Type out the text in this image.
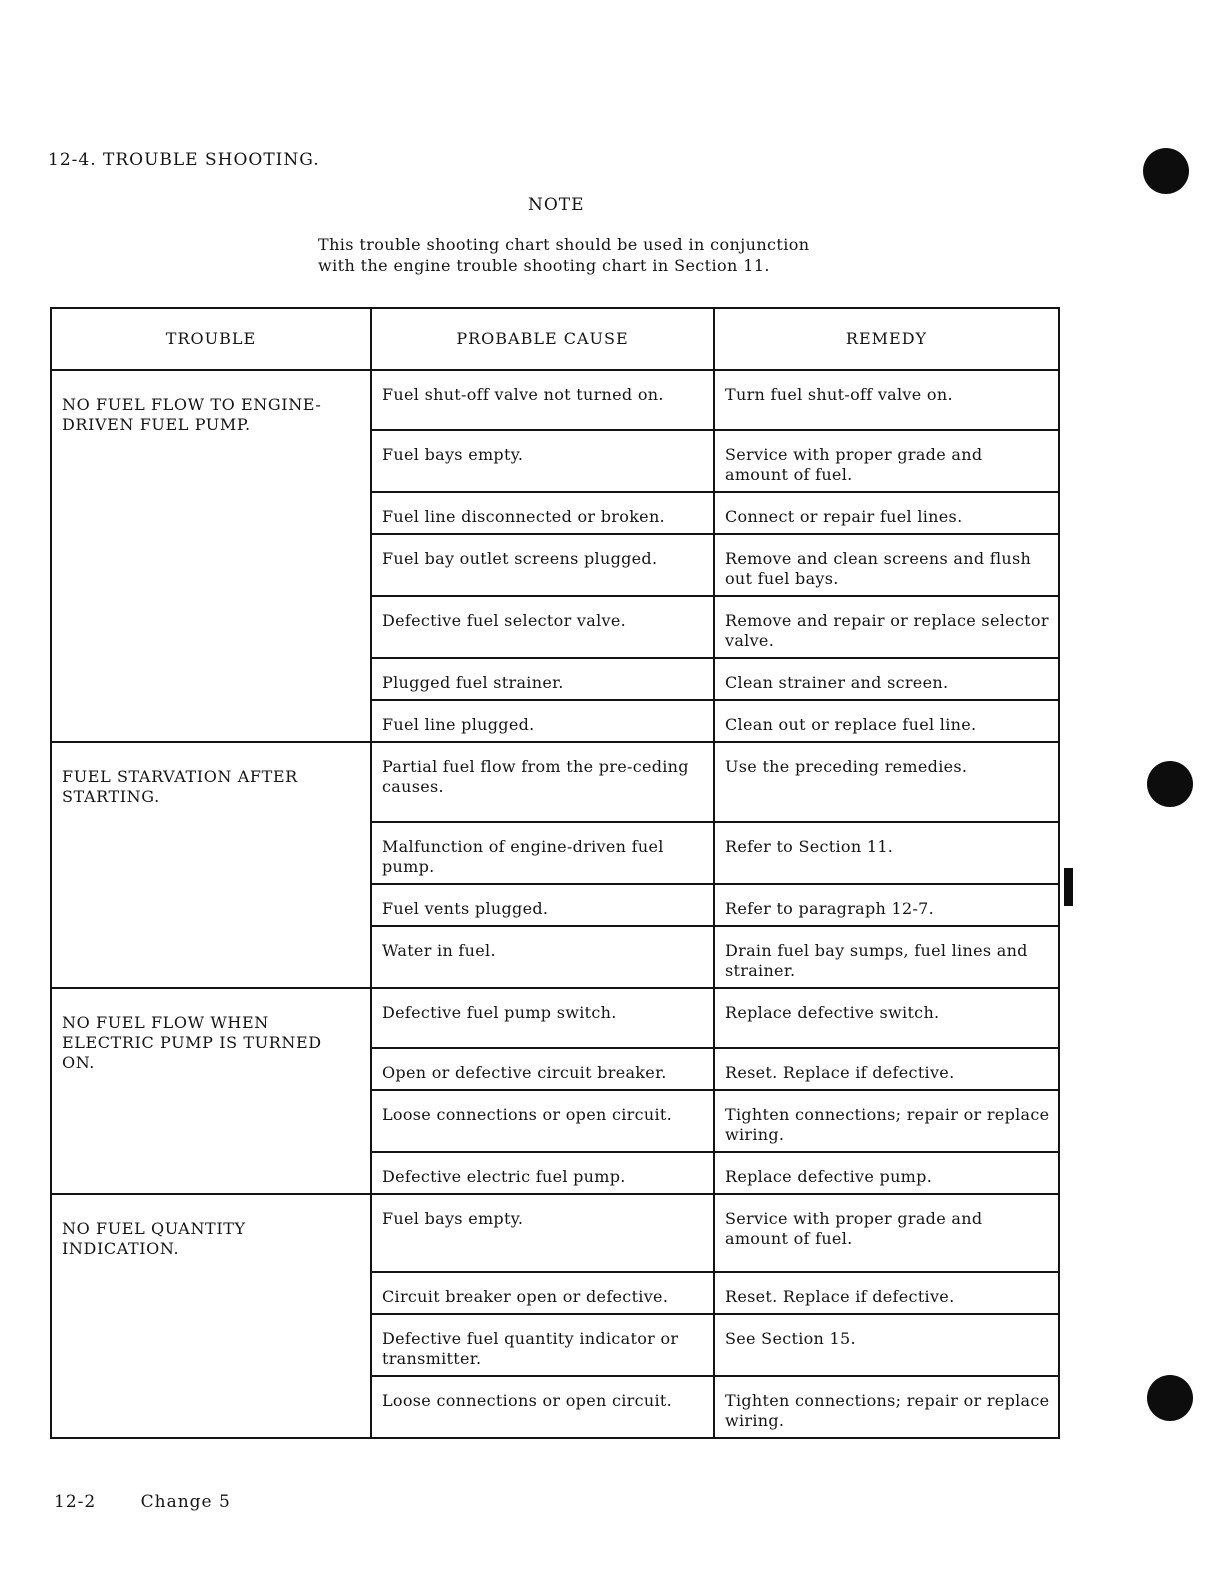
12-4. TROUBLE SHOOTING.
NOTE
This trouble shooting chart should be used in conjunction with the engine trouble shooting chart in Section 11.
TROUBLE	PROBABLE CAUSE	REMEDY

NO FUEL FLOW TO ENGINE-DRIVEN FUEL PUMP.	Fuel shut-off valve not turned on.	Turn fuel shut-off valve on.
	Fuel bays empty.	Service with proper grade and amount of fuel.
	Fuel line disconnected or broken.	Connect or repair fuel lines.
	Fuel bay outlet screens plugged.	Remove and clean screens and flush out fuel bays.
	Defective fuel selector valve.	Remove and repair or replace selector valve.
	Plugged fuel strainer.	Clean strainer and screen.
	Fuel line plugged.	Clean out or replace fuel line.

FUEL STARVATION AFTER STARTING.	Partial fuel flow from the pre-ceding causes.	Use the preceding remedies.
	Malfunction of engine-driven fuel pump.	Refer to Section 11.
	Fuel vents plugged.	Refer to paragraph 12-7.
	Water in fuel.	Drain fuel bay sumps, fuel lines and strainer.

NO FUEL FLOW WHEN ELECTRIC PUMP IS TURNED ON.	Defective fuel pump switch.	Replace defective switch.
	Open or defective circuit breaker.	Reset. Replace if defective.
	Loose connections or open circuit.	Tighten connections; repair or replace wiring.
	Defective electric fuel pump.	Replace defective pump.

NO FUEL QUANTITY INDICATION.	Fuel bays empty.	Service with proper grade and amount of fuel.
	Circuit breaker open or defective.	Reset. Replace if defective.
	Defective fuel quantity indicator or transmitter.	See Section 15.
	Loose connections or open circuit.	Tighten connections; repair or replace wiring.
12-2	Change 5
